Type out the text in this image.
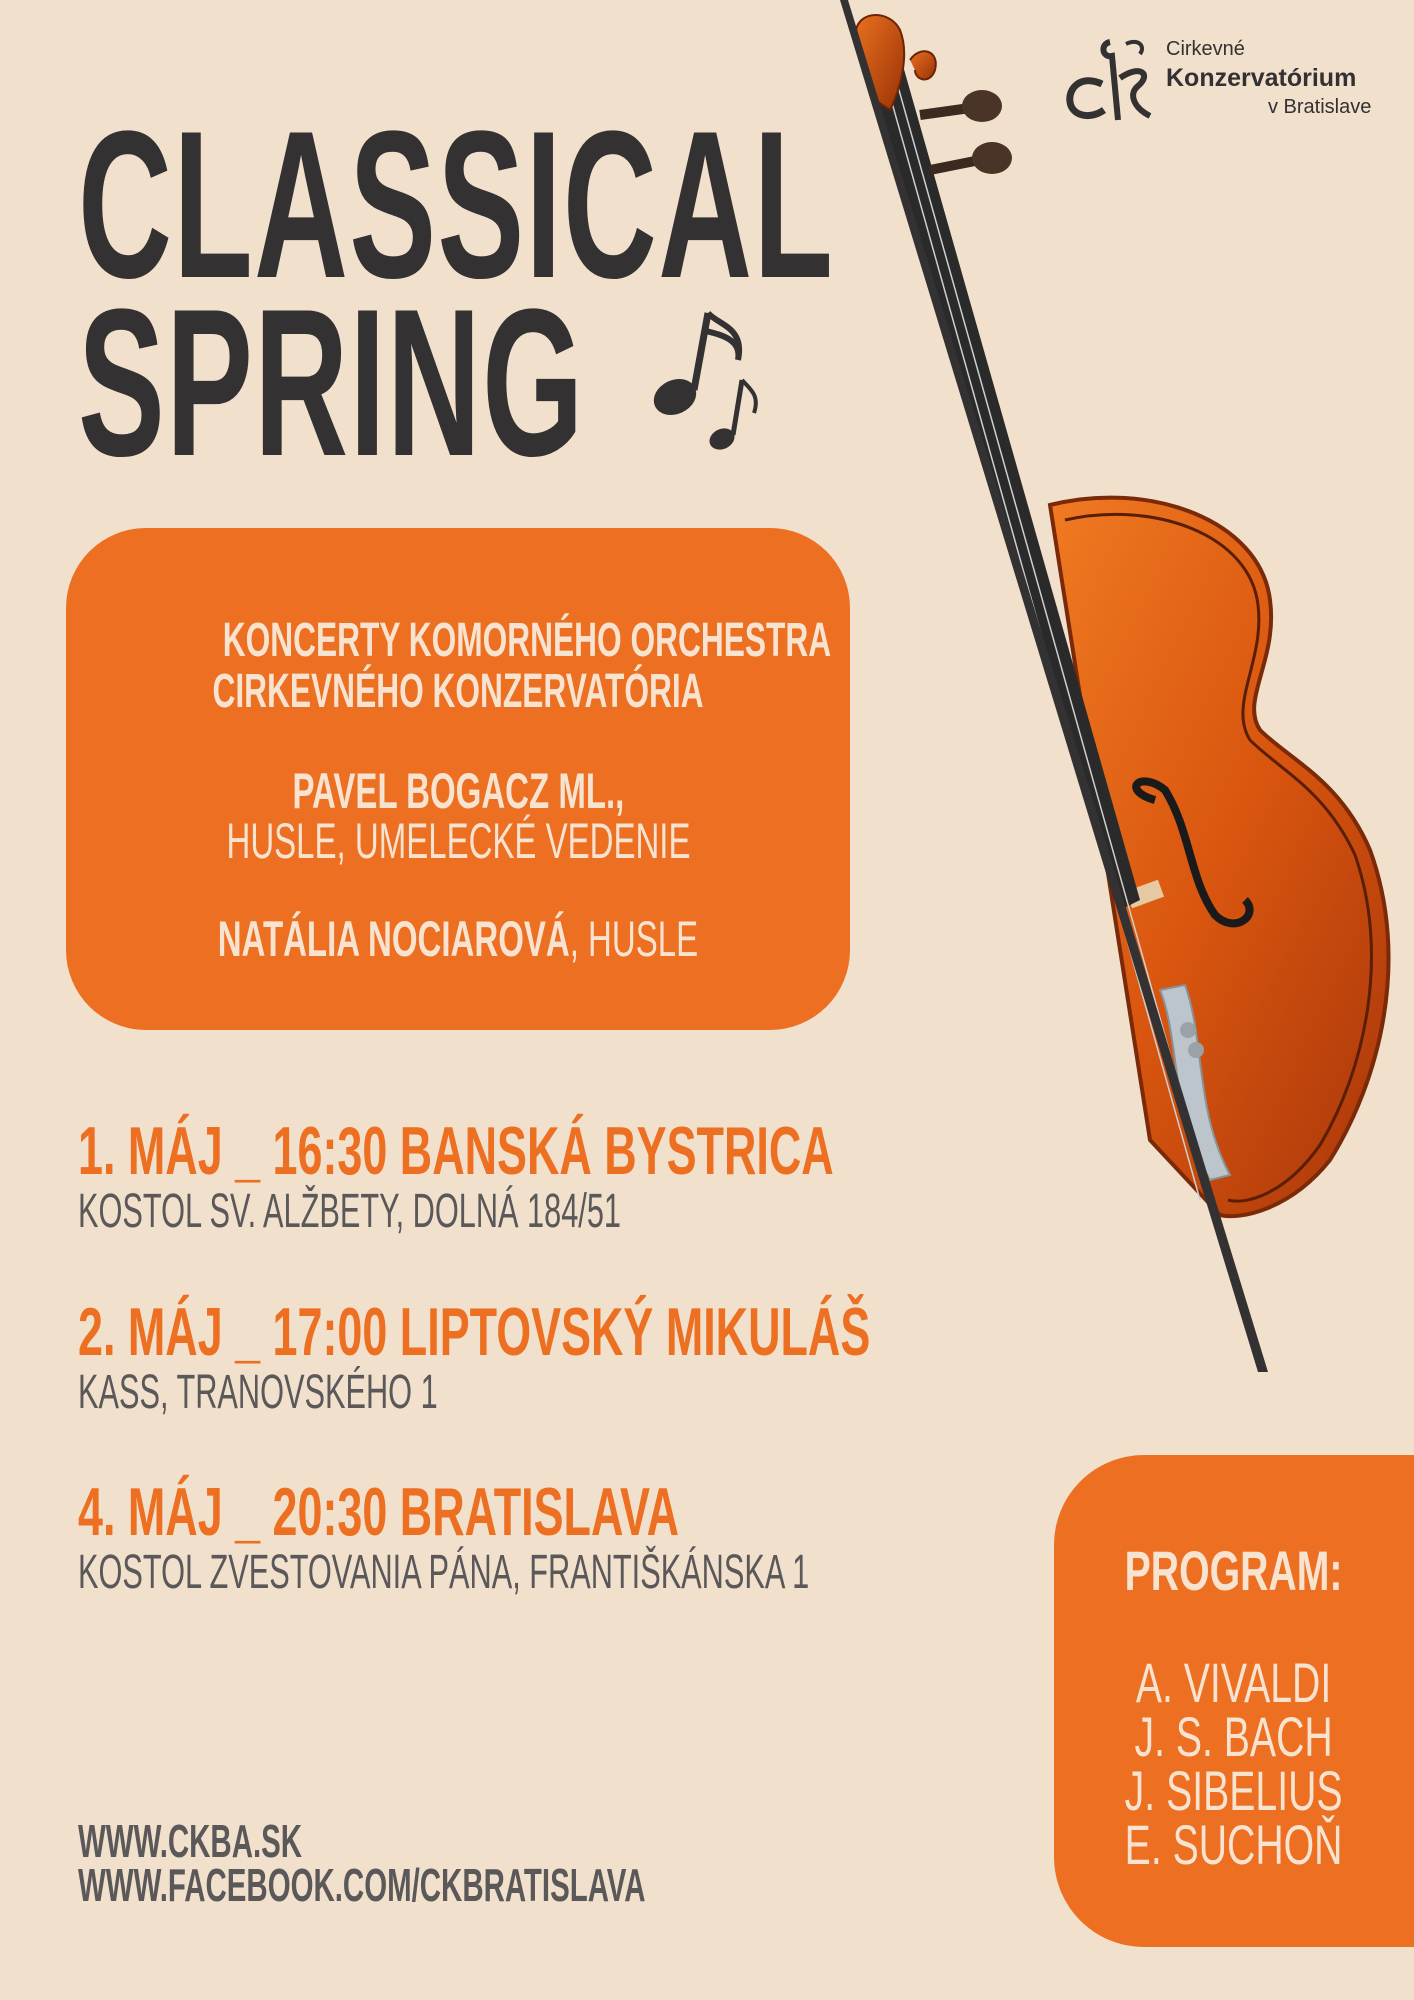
CLASSICAL
SPRING
Cirkevné
Konzervatórium
v Bratislave
KONCERTY KOMORNÉHO ORCHESTRA
CIRKEVNÉHO KONZERVATÓRIA
PAVEL BOGACZ ML.,
HUSLE, UMELECKÉ VEDENIE
NATÁLIA NOCIAROVÁ, HUSLE
1. MÁJ _ 16:30 BANSKÁ BYSTRICA
KOSTOL SV. ALŽBETY, DOLNÁ 184/51
2. MÁJ _ 17:00 LIPTOVSKÝ MIKULÁŠ
KASS, TRANOVSKÉHO 1
4. MÁJ _ 20:30 BRATISLAVA
KOSTOL ZVESTOVANIA PÁNA, FRANTIŠKÁNSKA 1
WWW.CKBA.SK
WWW.FACEBOOK.COM/CKBRATISLAVA
PROGRAM:
A. VIVALDI
J. S. BACH
J. SIBELIUS
E. SUCHOŇ
